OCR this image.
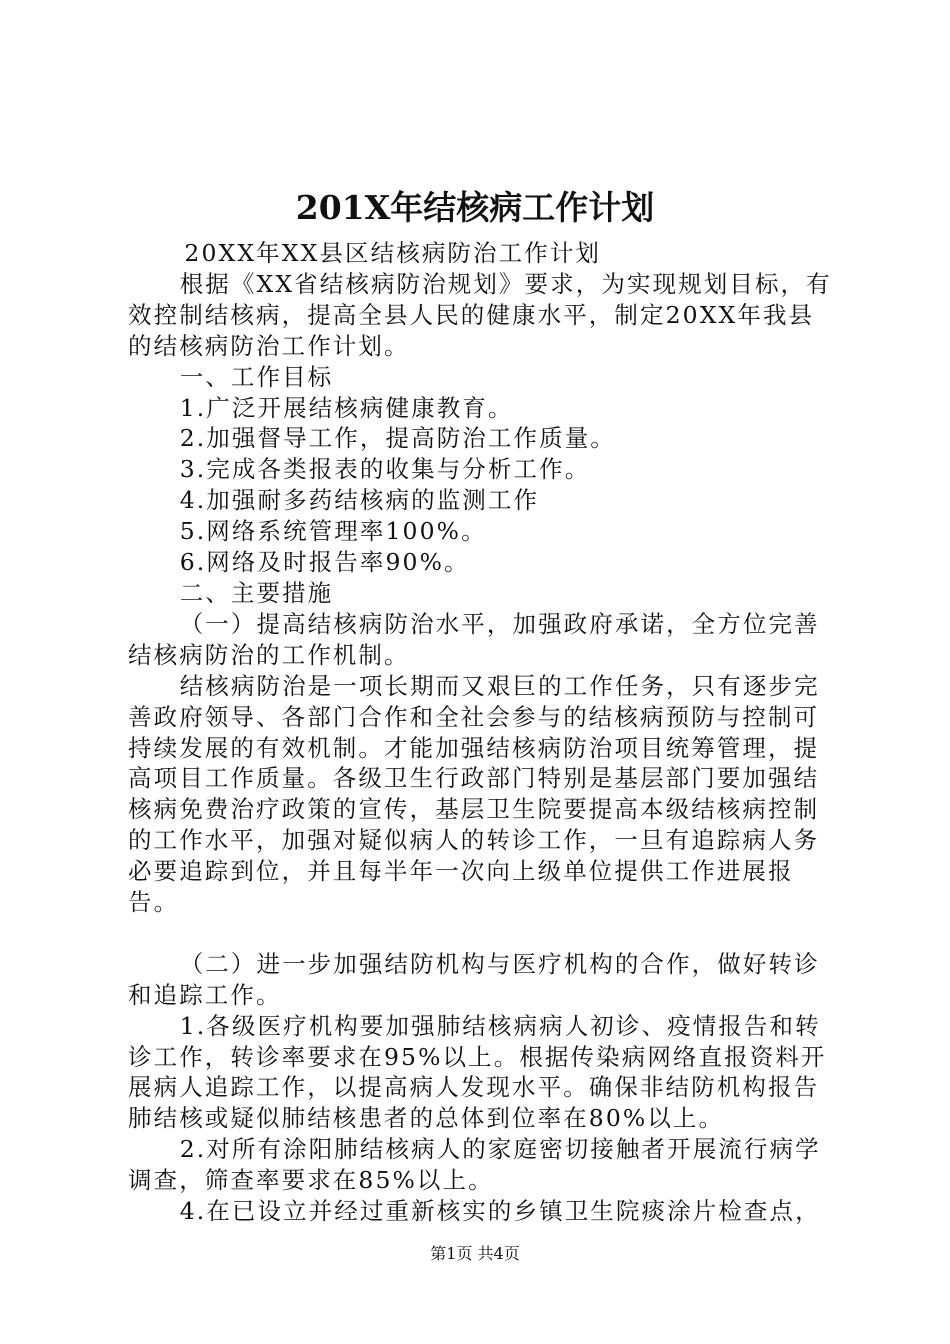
201X年结核病工作计划

20XX年XX县区结核病防治工作计划

根据《XX省结核病防治规划》要求，为实现规划目标，有效控制结核病，提高全县人民的健康水平，制定20XX年我县的结核病防治工作计划。

一、工作目标

1.广泛开展结核病健康教育。

2.加强督导工作，提高防治工作质量。

3.完成各类报表的收集与分析工作。

4.加强耐多药结核病的监测工作

5.网络系统管理率100%。

6.网络及时报告率90%。

二、主要措施

（一）提高结核病防治水平，加强政府承诺，全方位完善结核病防治的工作机制。

结核病防治是一项长期而又艰巨的工作任务，只有逐步完善政府领导、各部门合作和全社会参与的结核病预防与控制可持续发展的有效机制。才能加强结核病防治项目统筹管理，提高项目工作质量。各级卫生行政部门特别是基层部门要加强结核病免费治疗政策的宣传，基层卫生院要提高本级结核病控制的工作水平，加强对疑似病人的转诊工作，一旦有追踪病人务必要追踪到位，并且每半年一次向上级单位提供工作进展报告。

（二）进一步加强结防机构与医疗机构的合作，做好转诊和追踪工作。

1.各级医疗机构要加强肺结核病病人初诊、疫情报告和转诊工作，转诊率要求在95%以上。根据传染病网络直报资料开展病人追踪工作，以提高病人发现水平。确保非结防机构报告肺结核或疑似肺结核患者的总体到位率在80%以上。

2.对所有涂阳肺结核病人的家庭密切接触者开展流行病学调查，筛查率要求在85%以上。

4.在已设立并经过重新核实的乡镇卫生院痰涂片检查点，

第1页 共4页
